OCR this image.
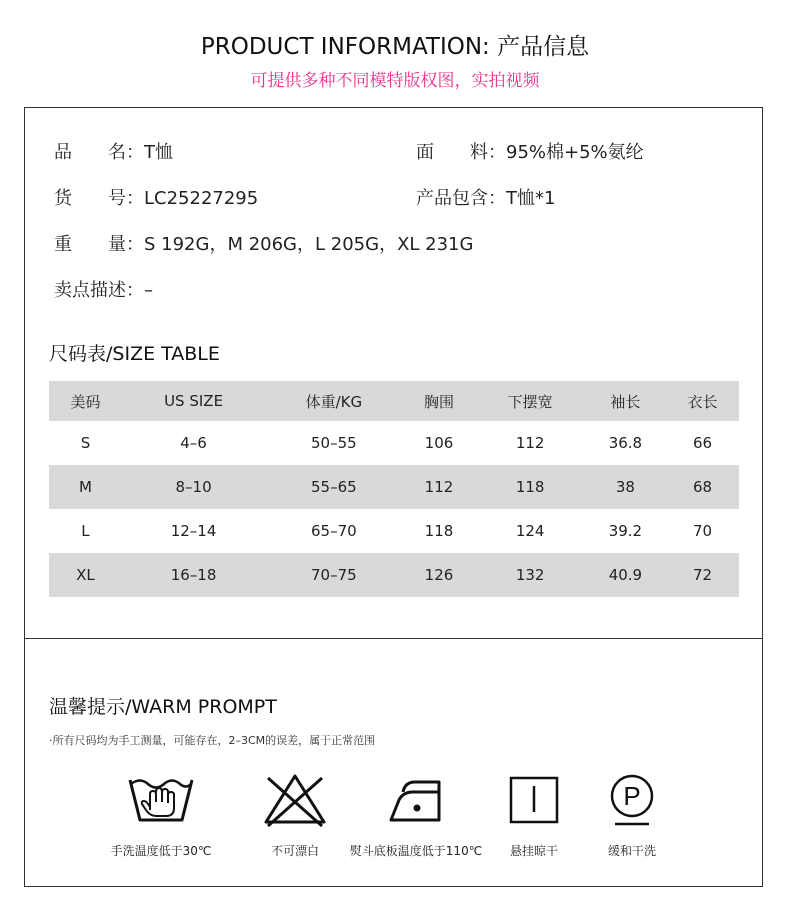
PRODUCT INFORMATION: 产品信息
可提供多种不同模特版权图，实拍视频
品　　名：T恤	面　　料：95%棉+5%氨纶
货　　号：LC25227295	产品包含：T恤*1
重　　量：S 192G，M 206G，L 205G，XL 231G
卖点描述：–
尺码表/SIZE TABLE
美码	US SIZE	体重/KG	胸围	下摆宽	袖长	衣长
S	4–6	50–55	106	112	36.8	66
M	8–10	55–65	112	118	38	68
L	12–14	65–70	118	124	39.2	70
XL	16–18	70–75	126	132	40.9	72
温馨提示/WARM PROMPT
·所有尺码均为手工测量，可能存在，2–3CM的误差，属于正常范围
手洗温度低于30℃	不可漂白	熨斗底板温度低于110℃	悬挂晾干
P
缓和干洗
